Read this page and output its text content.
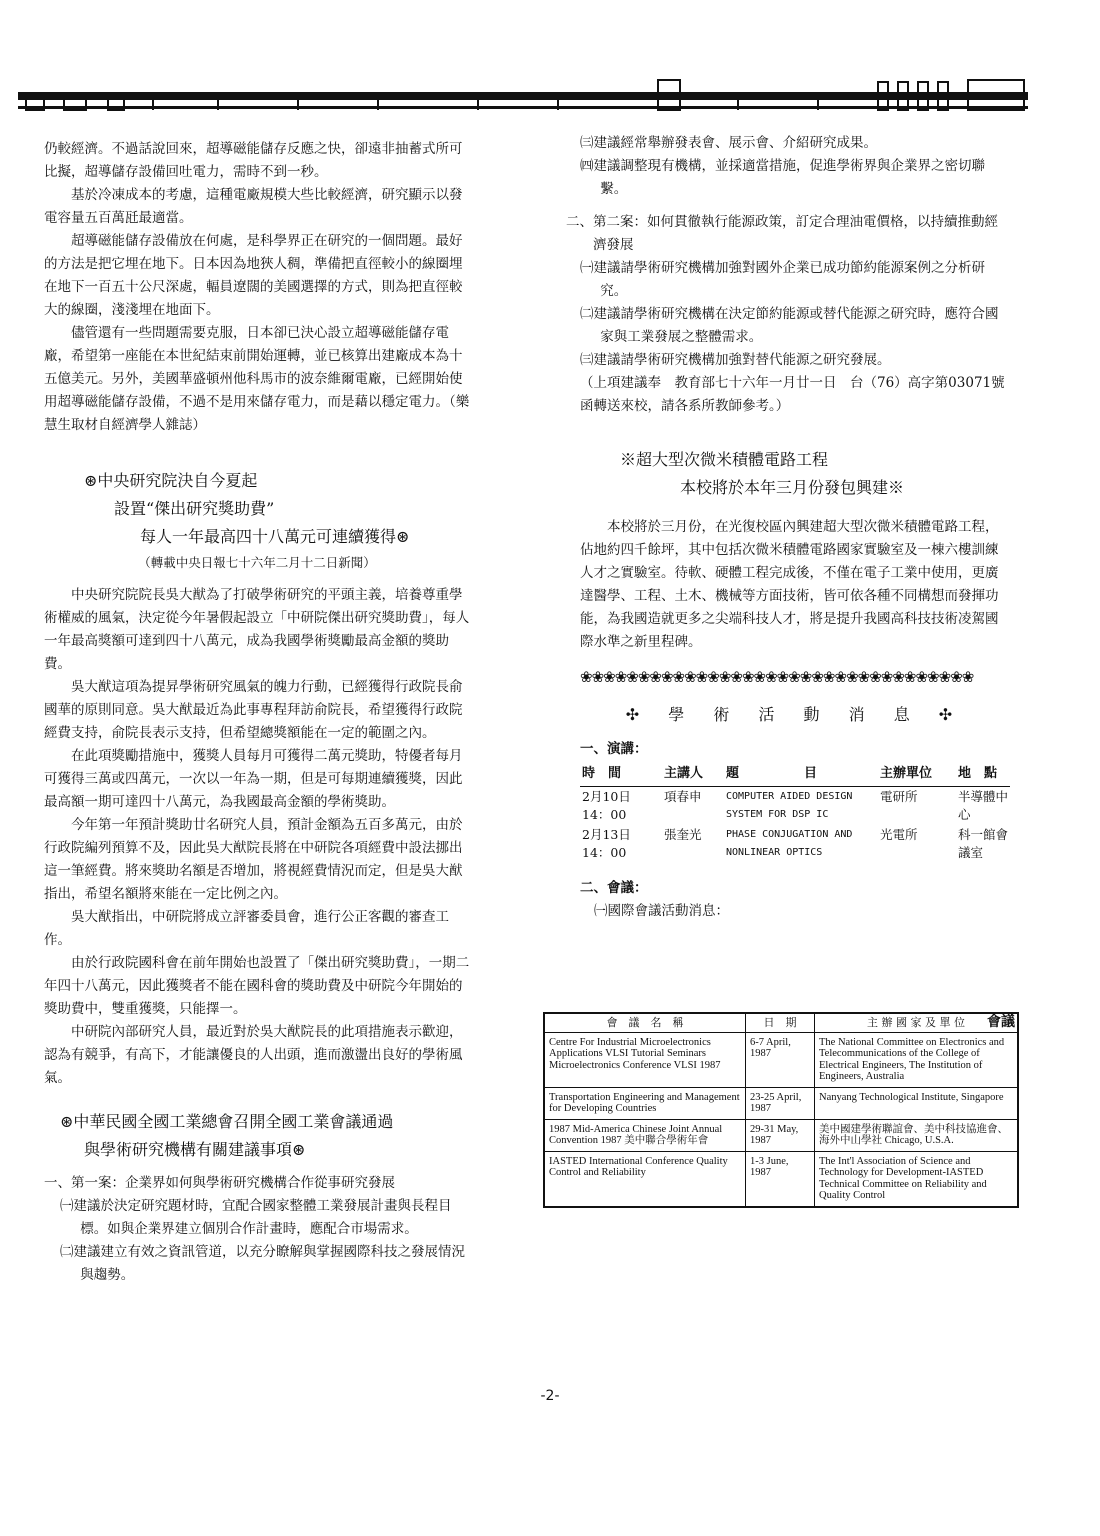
仍較經濟。不過話說回來，超導磁能儲存反應之快，卻遠非抽蓄式所可比擬，超導儲存設備回吐電力，需時不到一秒。

基於冷凍成本的考慮，這種電廠規模大些比較經濟，研究顯示以發電容量五百萬瓩最適當。

超導磁能儲存設備放在何處，是科學界正在研究的一個問題。最好的方法是把它埋在地下。日本因為地狹人稠，準備把直徑較小的線圈埋在地下一百五十公尺深處，輻員遼闊的美國選擇的方式，則為把直徑較大的線圈，淺淺埋在地面下。

儘管還有一些問題需要克服，日本卻已決心設立超導磁能儲存電廠，希望第一座能在本世紀結束前開始運轉，並已核算出建廠成本為十五億美元。另外，美國華盛頓州他科馬市的波奈維爾電廠，已經開始使用超導磁能儲存設備，不過不是用來儲存電力，而是藉以穩定電力。（樂慧生取材自經濟學人雜誌）

⊛中央研究院決自今夏起

設置“傑出研究獎助費”

每人一年最高四十八萬元可連續獲得⊛

（轉載中央日報七十六年二月十二日新聞）

中央研究院院長吳大猷為了打破學術研究的平頭主義，培養尊重學術權威的風氣，決定從今年暑假起設立「中研院傑出研究獎助費」，每人一年最高獎額可達到四十八萬元，成為我國學術獎勵最高金額的獎助費。

吳大猷這項為提昇學術研究風氣的魄力行動，已經獲得行政院長俞國華的原則同意。吳大猷最近為此事專程拜訪俞院長，希望獲得行政院經費支持，俞院長表示支持，但希望總獎額能在一定的範圍之內。

在此項獎勵措施中，獲獎人員每月可獲得二萬元獎助，特優者每月可獲得三萬或四萬元，一次以一年為一期，但是可每期連續獲獎，因此最高額一期可達四十八萬元，為我國最高金額的學術獎助。

今年第一年預計獎助廿名研究人員，預計金額為五百多萬元，由於行政院編列預算不及，因此吳大猷院長將在中研院各項經費中設法挪出這一筆經費。將來獎助名額是否增加，將視經費情況而定，但是吳大猷指出，希望名額將來能在一定比例之內。

吳大猷指出，中研院將成立評審委員會，進行公正客觀的審查工作。

由於行政院國科會在前年開始也設置了「傑出研究獎助費」，一期二年四十八萬元，因此獲獎者不能在國科會的獎助費及中研院今年開始的獎助費中，雙重獲獎，只能擇一。

中研院內部研究人員，最近對於吳大猷院長的此項措施表示歡迎，認為有競爭，有高下，才能讓優良的人出頭，進而激盪出良好的學術風氣。

⊛中華民國全國工業總會召開全國工業會議通過

與學術研究機構有關建議事項⊛

一、第一案：企業界如何與學術研究機構合作從事研究發展

㈠建議於決定研究題材時，宜配合國家整體工業發展計畫與長程目標。如與企業界建立個別合作計畫時，應配合市場需求。

㈡建議建立有效之資訊管道，以充分瞭解與掌握國際科技之發展情況與趨勢。

㈢建議經常舉辦發表會、展示會、介紹研究成果。

㈣建議調整現有機構，並採適當措施，促進學術界與企業界之密切聯繫。

二、第二案：如何貫徹執行能源政策，訂定合理油電價格，以持續推動經濟發展

㈠建議請學術研究機構加強對國外企業已成功節約能源案例之分析研究。

㈡建議請學術研究機構在決定節約能源或替代能源之研究時，應符合國家與工業發展之整體需求。

㈢建議請學術研究機構加強對替代能源之研究發展。

（上項建議奉　教育部七十六年一月廿一日　台（76）高字第03071號函轉送來校，請各系所教師參考。）

※超大型次微米積體電路工程

本校將於本年三月份發包興建※

本校將於三月份，在光復校區內興建超大型次微米積體電路工程，佔地約四千餘坪，其中包括次微米積體電路國家實驗室及一棟六樓訓練人才之實驗室。待軟、硬體工程完成後，不僅在電子工業中使用，更廣達醫學、工程、土木、機械等方面技術，皆可依各種不同構想而發揮功能，為我國造就更多之尖端科技人才，將是提升我國高科技技術凌駕國際水準之新里程碑。

❀❀❀❀❀❀❀❀❀❀❀❀❀❀❀❀❀❀❀❀❀❀❀❀❀❀❀❀❀❀❀❀❀❀
✣ 學 術 活 動 消 息 ✣

一、演講：

時　間	主講人	題　　　　　目	主辦單位	地　點
2月10日 14：00	項春申	COMPUTER AIDED DESIGN SYSTEM FOR DSP IC	電研所	半導體中心
2月13日 14：00	張奎光	PHASE CONJUGATION AND NONLINEAR OPTICS	光電所	科一館會議室

二、會議：

㈠國際會議活動消息：

會　議　名　稱	日　期	主 辦 國 家 及 單 位
Centre For Industrial Microelectronics Applications VLSI Tutorial Seminars Microelectronics Conference VLSI 1987	6-7 April, 1987	The National Committee on Electronics and Telecommunications of the College of Electrical Engineers, The Institution of Engineers, Australia
Transportation Engineering and Management for Developing Countries	23-25 April, 1987	Nanyang Technological Institute, Singapore
1987 Mid-America Chinese Joint Annual Convention 1987 美中聯合學術年會	29-31 May, 1987	美中國建學術聯誼會、美中科技協進會、海外中山學社 Chicago, U.S.A.
IASTED International Conference Quality Control and Reliability	1-3 June, 1987	The Int'l Association of Science and Technology for Development-IASTED Technical Committee on Reliability and Quality Control
會議
-2-
